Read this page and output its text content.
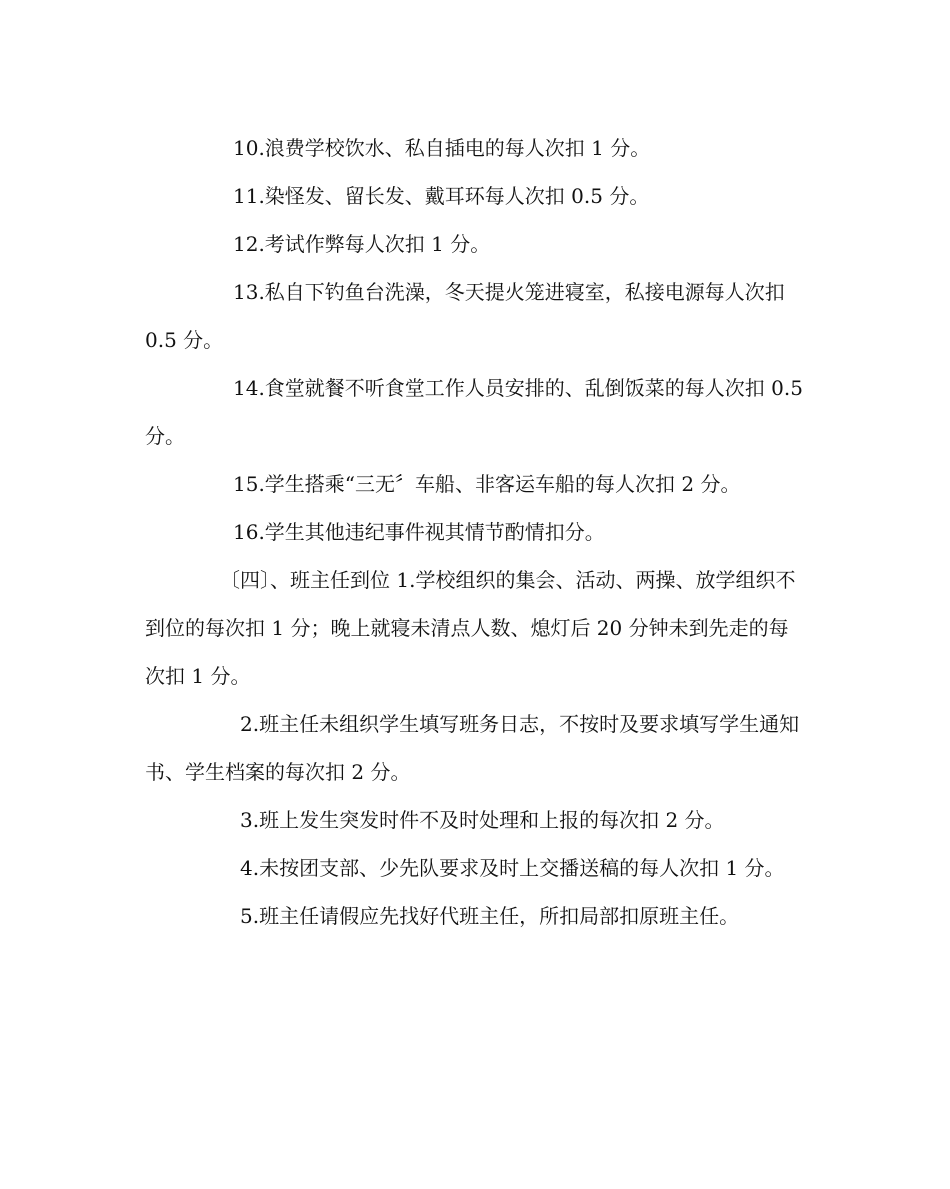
10.浪费学校饮水、私自插电的每人次扣 1 分。

11.染怪发、留长发、戴耳环每人次扣 0.5 分。

12.考试作弊每人次扣 1 分。

13.私自下钓鱼台洗澡，冬天提火笼进寝室，私接电源每人次扣 0.5 分。

14.食堂就餐不听食堂工作人员安排的、乱倒饭菜的每人次扣 0.5 分。

15.学生搭乘“三无〞车船、非客运车船的每人次扣 2 分。

16.学生其他违纪事件视其情节酌情扣分。

〔四〕、班主任到位 1.学校组织的集会、活动、两操、放学组织不到位的每次扣 1 分；晚上就寝未清点人数、熄灯后 20 分钟未到先走的每次扣 1 分。

2.班主任未组织学生填写班务日志，不按时及要求填写学生通知书、学生档案的每次扣 2 分。

3.班上发生突发时件不及时处理和上报的每次扣 2 分。

4.未按团支部、少先队要求及时上交播送稿的每人次扣 1 分。

5.班主任请假应先找好代班主任，所扣局部扣原班主任。
